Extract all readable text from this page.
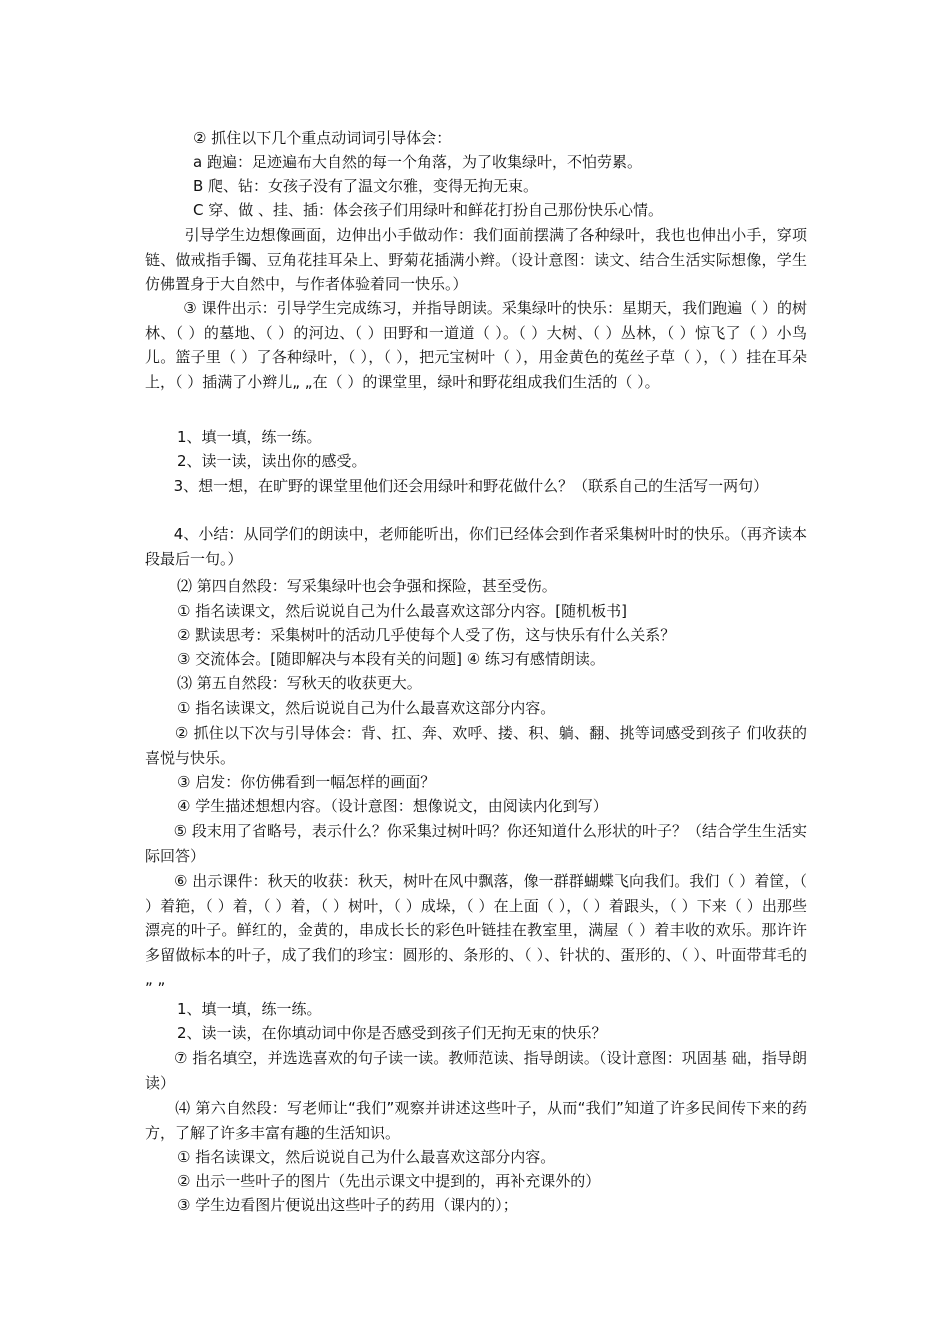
② 抓住以下几个重点动词词引导体会：
a 跑遍：足迹遍布大自然的每一个角落，为了收集绿叶，不怕劳累。
B 爬、钻：女孩子没有了温文尔雅，变得无拘无束。
C 穿、做 、挂、插：体会孩子们用绿叶和鲜花打扮自己那份快乐心情。
引导学生边想像画面，边伸出小手做动作：我们面前摆满了各种绿叶，我也也伸出小手，穿项链、做戒指手镯、豆角花挂耳朵上、野菊花插满小辫。（设计意图：读文、结合生活实际想像，学生仿佛置身于大自然中，与作者体验着同一快乐。）
③ 课件出示：引导学生完成练习，并指导朗读。采集绿叶的快乐：星期天，我们跑遍（ ）的树林、（ ）的墓地、（ ）的河边、（ ）田野和一道道（ ）。（ ）大树、（ ）丛林，（ ）惊飞了（ ）小鸟儿。篮子里（ ）了各种绿叶，（ ），（ ），把元宝树叶（ ），用金黄色的菟丝子草（ ），（ ）挂在耳朵上，（ ）插满了小辫儿„ „在（ ）的课堂里，绿叶和野花组成我们生活的（ ）。
1、填一填，练一练。
2、读一读，读出你的感受。
3、想一想，在旷野的课堂里他们还会用绿叶和野花做什么？（联系自己的生活写一两句）
4、小结：从同学们的朗读中，老师能听出，你们已经体会到作者采集树叶时的快乐。（再齐读本段最后一句。）
⑵ 第四自然段：写采集绿叶也会争强和探险，甚至受伤。
① 指名读课文，然后说说自己为什么最喜欢这部分内容。[随机板书]
② 默读思考：采集树叶的活动几乎使每个人受了伤，这与快乐有什么关系？
③ 交流体会。[随即解决与本段有关的问题] ④ 练习有感情朗读。
⑶ 第五自然段：写秋天的收获更大。
① 指名读课文，然后说说自己为什么最喜欢这部分内容。
② 抓住以下次与引导体会：背、扛、奔、欢呼、搂、积、躺、翻、挑等词感受到孩子 们收获的喜悦与快乐。
③ 启发：你仿佛看到一幅怎样的画面？
④ 学生描述想想内容。（设计意图：想像说文，由阅读内化到写）
⑤ 段末用了省略号，表示什么？你采集过树叶吗？你还知道什么形状的叶子？（结合学生生活实际回答）
⑥ 出示课件：秋天的收获：秋天，树叶在风中飘落，像一群群蝴蝶飞向我们。我们（ ）着筐，（ ）着筢，（ ）着，（ ）着，（ ）树叶，（ ）成垛，（ ）在上面（ ），（ ）着跟头，（ ）下来（ ）出那些漂亮的叶子。鲜红的，金黄的，串成长长的彩色叶链挂在教室里，满屋（ ）着丰收的欢乐。那许许多留做标本的叶子，成了我们的珍宝：圆形的、条形的、（ ）、针状的、蛋形的、（ ）、叶面带茸毛的„ „
1、填一填，练一练。
2、读一读，在你填动词中你是否感受到孩子们无拘无束的快乐？
⑦ 指名填空，并选选喜欢的句子读一读。教师范读、指导朗读。（设计意图：巩固基 础，指导朗读）
⑷ 第六自然段：写老师让“我们”观察并讲述这些叶子，从而“我们”知道了许多民间传下来的药方，了解了许多丰富有趣的生活知识。
① 指名读课文，然后说说自己为什么最喜欢这部分内容。
② 出示一些叶子的图片（先出示课文中提到的，再补充课外的）
③ 学生边看图片便说出这些叶子的药用（课内的）；
